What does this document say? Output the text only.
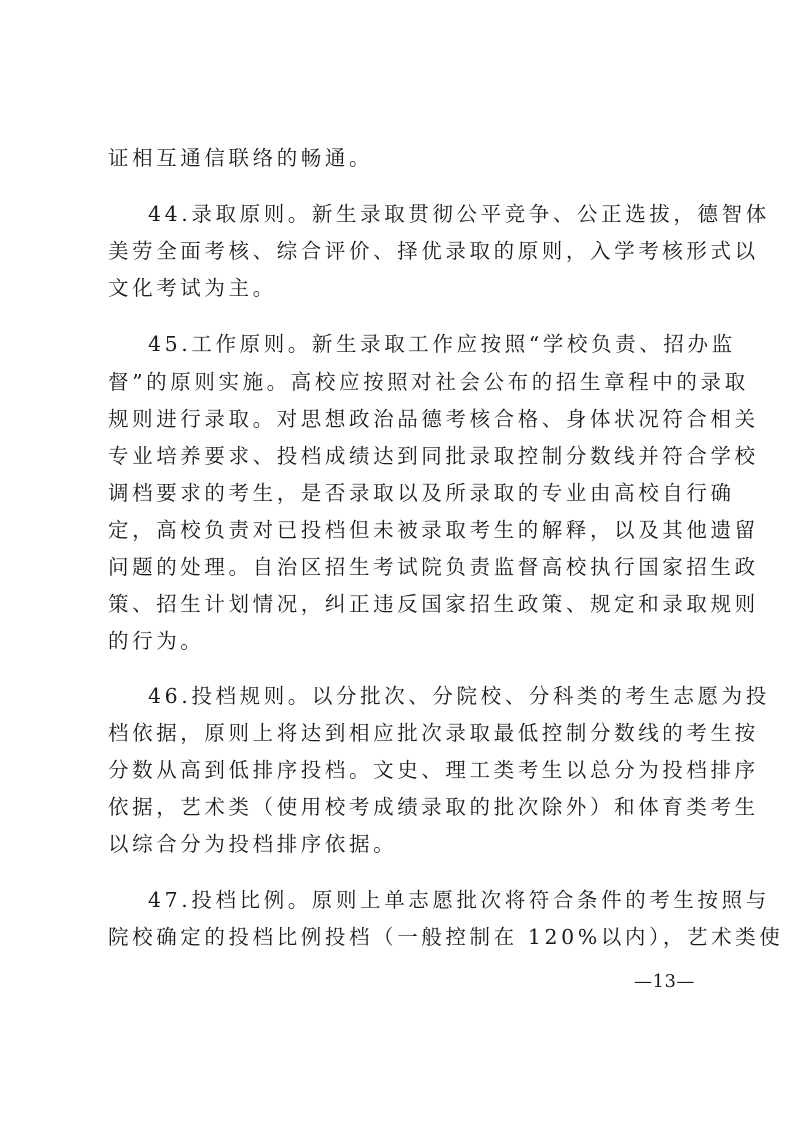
证相互通信联络的畅通。
44.录取原则。新生录取贯彻公平竞争、公正选拔，德智体
美劳全面考核、综合评价、择优录取的原则，入学考核形式以
文化考试为主。
45.工作原则。新生录取工作应按照“学校负责、招办监
督”的原则实施。高校应按照对社会公布的招生章程中的录取
规则进行录取。对思想政治品德考核合格、身体状况符合相关
专业培养要求、投档成绩达到同批录取控制分数线并符合学校
调档要求的考生，是否录取以及所录取的专业由高校自行确
定，高校负责对已投档但未被录取考生的解释，以及其他遗留
问题的处理。自治区招生考试院负责监督高校执行国家招生政
策、招生计划情况，纠正违反国家招生政策、规定和录取规则
的行为。
46.投档规则。以分批次、分院校、分科类的考生志愿为投
档依据，原则上将达到相应批次录取最低控制分数线的考生按
分数从高到低排序投档。文史、理工类考生以总分为投档排序
依据，艺术类（使用校考成绩录取的批次除外）和体育类考生
以综合分为投档排序依据。
47.投档比例。原则上单志愿批次将符合条件的考生按照与
院校确定的投档比例投档（一般控制在 120%以内），艺术类使
—13—
